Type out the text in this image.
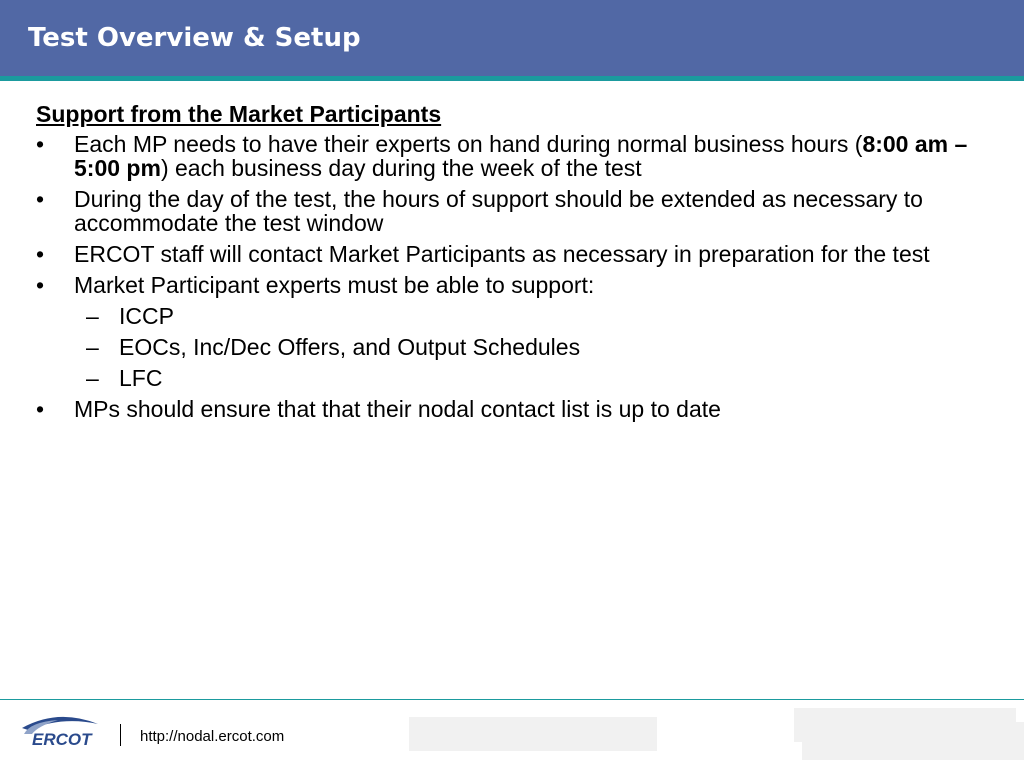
Test Overview & Setup
Support from the Market Participants
•	Each MP needs to have their experts on hand during normal business hours (8:00 am – 5:00 pm) each business day during the week of the test
•	During the day of the test, the hours of support should be extended as necessary to accommodate the test window
•	ERCOT staff will contact Market Participants as necessary in preparation for the test
•	Market Participant experts must be able to support:
– ICCP
– EOCs, Inc/Dec Offers, and Output Schedules
– LFC
•	MPs should ensure that that their nodal contact list is up to date
ERCOT	http://nodal.ercot.com
